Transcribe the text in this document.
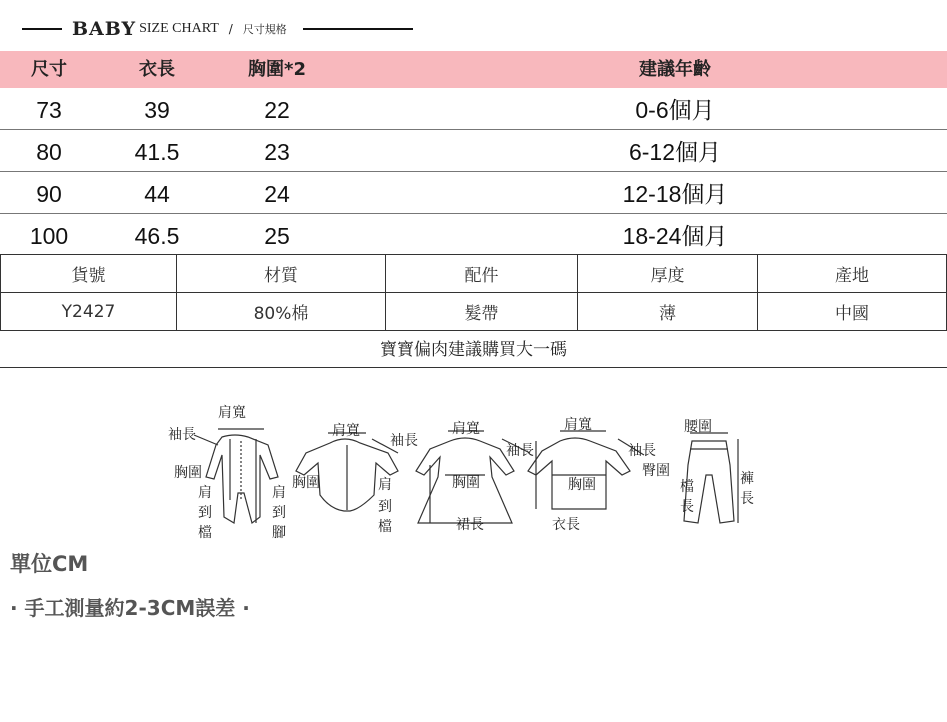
BABY SIZE CHART / 尺寸規格
尺寸	衣長	胸圍*2	建議年齡
73	39	22	0-6個月
80	41.5	23	6-12個月
90	44	24	12-18個月
100	46.5	25	18-24個月
貨號	材質	配件	厚度	產地
Y2427	80%棉	髮帶	薄	中國
寶寶偏肉建議購買大一碼
肩寬
袖長
胸圍
肩
到
檔
肩
到
腳
肩寬
袖長
胸圍	肩
到
檔
肩寬
袖長
胸圍
裙長
肩寬
袖長
胸圍
衣長
腰圍
臀圍
檔
長
褲
長
單位CM
· 手工測量約2-3CM誤差 ·
